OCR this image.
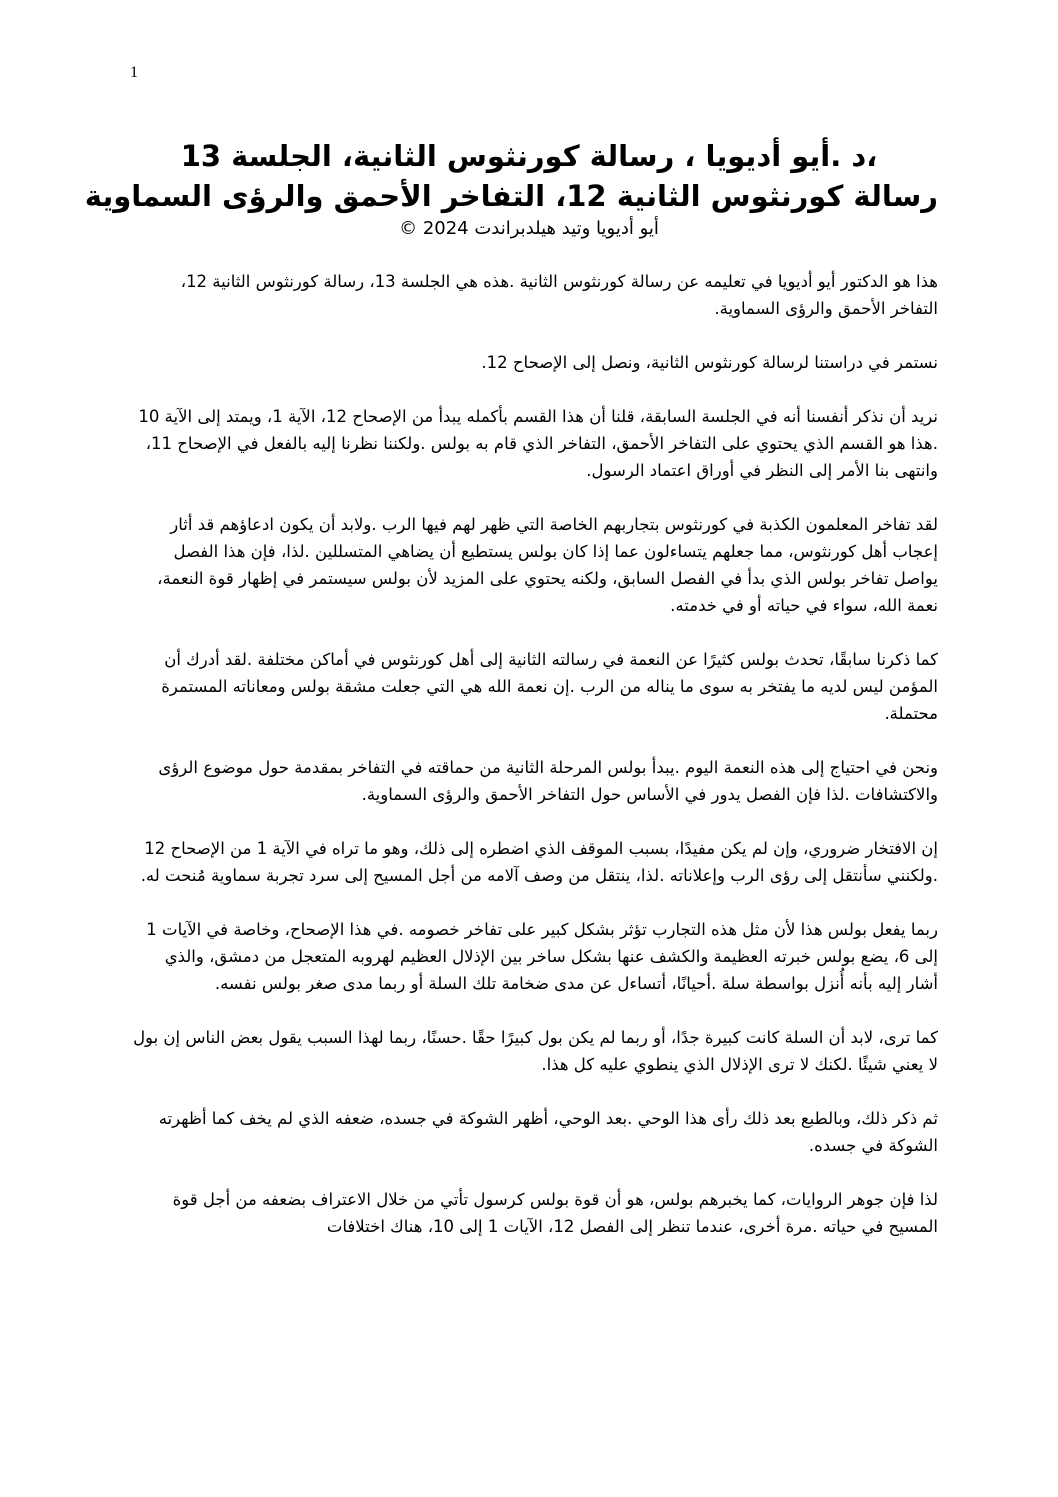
1
،د .أيو أديويا ، رسالة كورنثوس الثانية، الجلسة 13
رسالة كورنثوس الثانية 12، التفاخر الأحمق والرؤى السماوية
أيو أديويا وتيد هيلدبراندت 2024 ©

هذا هو الدكتور أيو أديويا في تعليمه عن رسالة كورنثوس الثانية .هذه هي الجلسة 13، رسالة كورنثوس الثانية 12، التفاخر الأحمق والرؤى السماوية.

نستمر في دراستنا لرسالة كورنثوس الثانية، ونصل إلى الإصحاح 12.

نريد أن نذكر أنفسنا أنه في الجلسة السابقة، قلنا أن هذا القسم بأكمله يبدأ من الإصحاح 12، الآية 1، ويمتد إلى الآية 10 .هذا هو القسم الذي يحتوي على التفاخر الأحمق، التفاخر الذي قام به بولس .ولكننا نظرنا إليه بالفعل في الإصحاح 11، وانتهى بنا الأمر إلى النظر في أوراق اعتماد الرسول.

لقد تفاخر المعلمون الكذبة في كورنثوس بتجاربهم الخاصة التي ظهر لهم فيها الرب .ولابد أن يكون ادعاؤهم قد أثار إعجاب أهل كورنثوس، مما جعلهم يتساءلون عما إذا كان بولس يستطيع أن يضاهي المتسللين .لذا، فإن هذا الفصل يواصل تفاخر بولس الذي بدأ في الفصل السابق، ولكنه يحتوي على المزيد لأن بولس سيستمر في إظهار قوة النعمة، نعمة الله، سواء في حياته أو في خدمته.

كما ذكرنا سابقًا، تحدث بولس كثيرًا عن النعمة في رسالته الثانية إلى أهل كورنثوس في أماكن مختلفة .لقد أدرك أن المؤمن ليس لديه ما يفتخر به سوى ما يناله من الرب .إن نعمة الله هي التي جعلت مشقة بولس ومعاناته المستمرة محتملة.

ونحن في احتياج إلى هذه النعمة اليوم .يبدأ بولس المرحلة الثانية من حماقته في التفاخر بمقدمة حول موضوع الرؤى والاكتشافات .لذا فإن الفصل يدور في الأساس حول التفاخر الأحمق والرؤى السماوية.

إن الافتخار ضروري، وإن لم يكن مفيدًا، بسبب الموقف الذي اضطره إلى ذلك، وهو ما تراه في الآية 1 من الإصحاح 12 .ولكنني سأنتقل إلى رؤى الرب وإعلاناته .لذا، ينتقل من وصف آلامه من أجل المسيح إلى سرد تجربة سماوية مُنحت له.

ربما يفعل بولس هذا لأن مثل هذه التجارب تؤثر بشكل كبير على تفاخر خصومه .في هذا الإصحاح، وخاصة في الآيات 1 إلى 6، يضع بولس خبرته العظيمة والكشف عنها بشكل ساخر بين الإذلال العظيم لهروبه المتعجل من دمشق، والذي أشار إليه بأنه أُنزل بواسطة سلة .أحيانًا، أتساءل عن مدى ضخامة تلك السلة أو ربما مدى صغر بولس نفسه.

كما ترى، لابد أن السلة كانت كبيرة جدًا، أو ربما لم يكن بول كبيرًا حقًا .حسنًا، ربما لهذا السبب يقول بعض الناس إن بول لا يعني شيئًا .لكنك لا ترى الإذلال الذي ينطوي عليه كل هذا.

ثم ذكر ذلك، وبالطبع بعد ذلك رأى هذا الوحي .بعد الوحي، أظهر الشوكة في جسده، ضعفه الذي لم يخف كما أظهرته الشوكة في جسده.

لذا فإن جوهر الروايات، كما يخبرهم بولس، هو أن قوة بولس كرسول تأتي من خلال الاعتراف بضعفه من أجل قوة المسيح في حياته .مرة أخرى، عندما تنظر إلى الفصل 12، الآيات 1 إلى 10، هناك اختلافات
